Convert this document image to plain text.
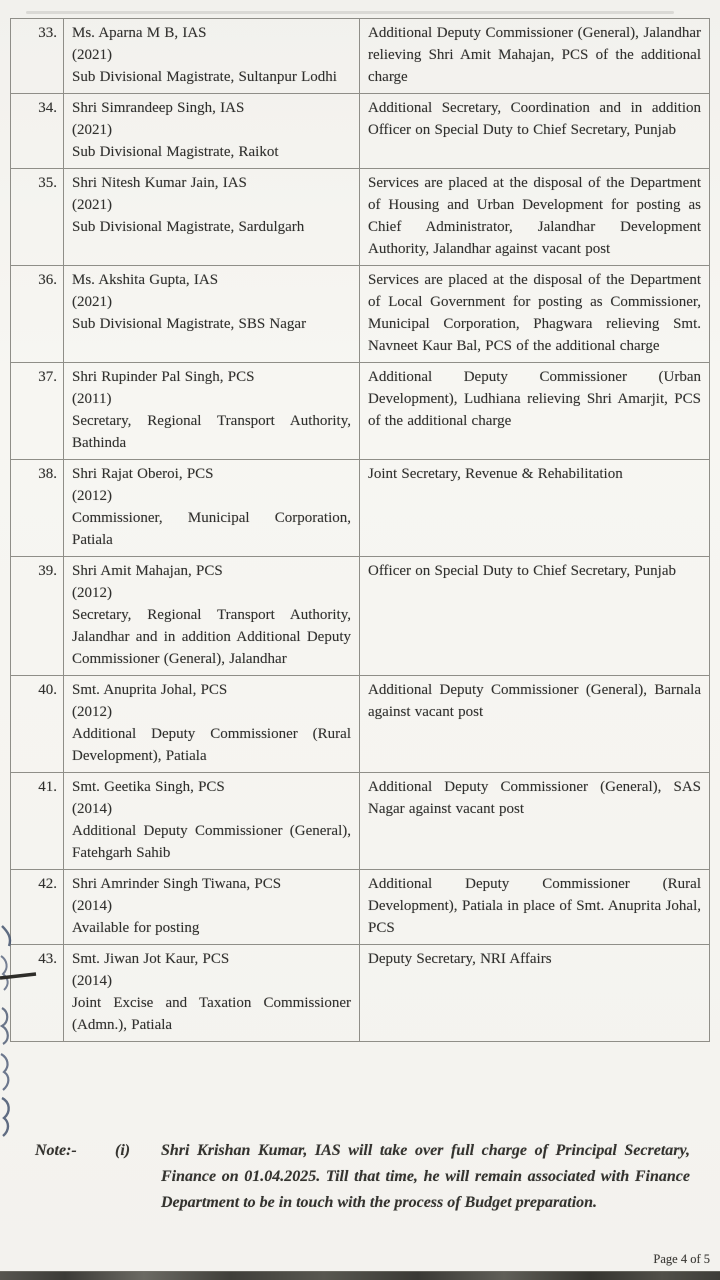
33.	Ms. Aparna M B, IAS
(2021)
Sub Divisional Magistrate, Sultanpur Lodhi	Additional Deputy Commissioner (General), Jalandhar relieving Shri Amit Mahajan, PCS of the additional charge
34.	Shri Simrandeep Singh, IAS
(2021)
Sub Divisional Magistrate, Raikot	Additional Secretary, Coordination and in addition Officer on Special Duty to Chief Secretary, Punjab
35.	Shri Nitesh Kumar Jain, IAS
(2021)
Sub Divisional Magistrate, Sardulgarh	Services are placed at the disposal of the Department of Housing and Urban Development for posting as Chief Administrator, Jalandhar Development Authority, Jalandhar against vacant post
36.	Ms. Akshita Gupta, IAS
(2021)
Sub Divisional Magistrate, SBS Nagar	Services are placed at the disposal of the Department of Local Government for posting as Commissioner, Municipal Corporation, Phagwara relieving Smt. Navneet Kaur Bal, PCS of the additional charge
37.	Shri Rupinder Pal Singh, PCS
(2011)
Secretary, Regional Transport Authority, Bathinda	Additional Deputy Commissioner (Urban Development), Ludhiana relieving Shri Amarjit, PCS of the additional charge
38.	Shri Rajat Oberoi, PCS
(2012)
Commissioner, Municipal Corporation, Patiala	Joint Secretary, Revenue & Rehabilitation
39.	Shri Amit Mahajan, PCS
(2012)
Secretary, Regional Transport Authority, Jalandhar and in addition Additional Deputy Commissioner (General), Jalandhar	Officer on Special Duty to Chief Secretary, Punjab
40.	Smt. Anuprita Johal, PCS
(2012)
Additional Deputy Commissioner (Rural Development), Patiala	Additional Deputy Commissioner (General), Barnala against vacant post
41.	Smt. Geetika Singh, PCS
(2014)
Additional Deputy Commissioner (General), Fatehgarh Sahib	Additional Deputy Commissioner (General), SAS Nagar against vacant post
42.	Shri Amrinder Singh Tiwana, PCS
(2014)
Available for posting	Additional Deputy Commissioner (Rural Development), Patiala in place of Smt. Anuprita Johal, PCS
43.	Smt. Jiwan Jot Kaur, PCS
(2014)
Joint Excise and Taxation Commissioner (Admn.), Patiala	Deputy Secretary, NRI Affairs
Note:-	(i)	Shri Krishan Kumar, IAS will take over full charge of Principal Secretary, Finance on 01.04.2025. Till that time, he will remain associated with Finance Department to be in touch with the process of Budget preparation.
Page 4 of 5
